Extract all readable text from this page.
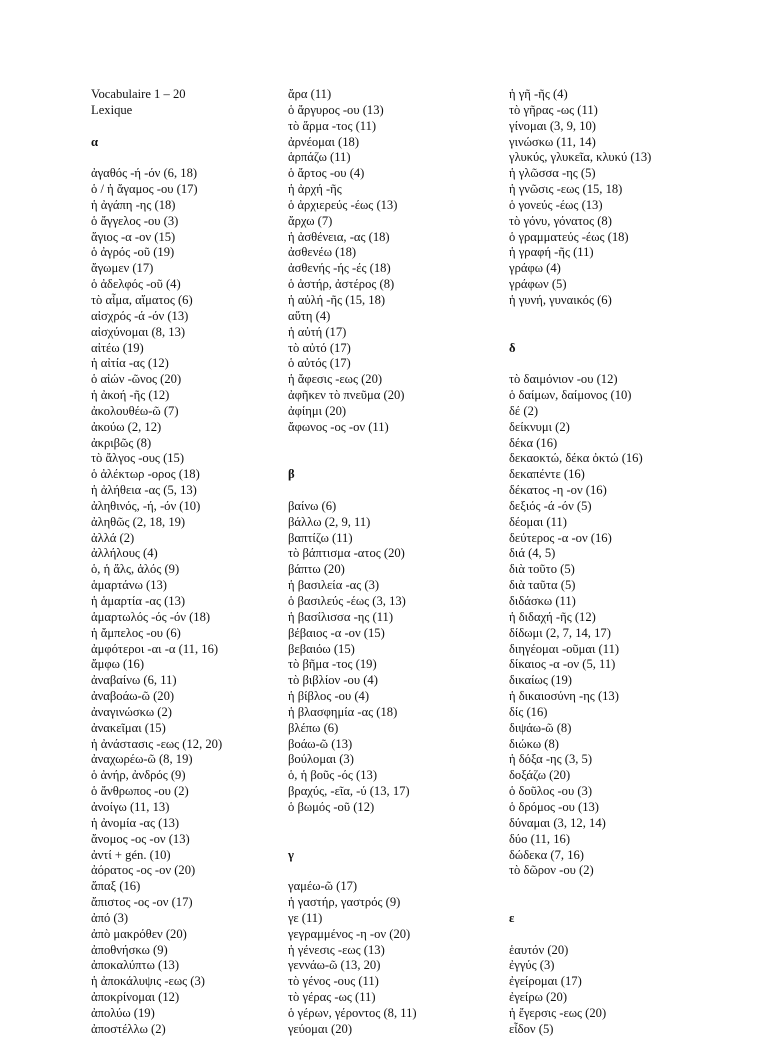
Vocabulaire 1 – 20
Lexique
α
ἀγαθός -ή -όν (6, 18)
ὁ / ἡ ἄγαμος -ου (17)
ἡ ἀγάπη -ης (18)
ὁ ἄγγελος -ου (3)
ἅγιος -α -ον (15)
ὁ ἀγρός -οῦ (19)
ἄγωμεν (17)
ὁ ἀδελφός -οῦ (4)
τὸ αἷμα, αἵματος (6)
αἰσχρός -ά -όν (13)
αἰσχύνομαι (8, 13)
αἰτέω (19)
ἡ αἰτία -ας (12)
ὁ αἰών -ῶνος (20)
ἡ ἀκοή -ῆς (12)
ἀκολουθέω-ῶ (7)
ἀκούω (2, 12)
ἀκριβῶς (8)
τὸ ἄλγος -ους (15)
ὁ ἀλέκτωρ -ορος (18)
ἡ ἀλήθεια -ας (5, 13)
ἀληθινός, -ή, -όν (10)
ἀληθῶς (2, 18, 19)
ἀλλά (2)
ἀλλήλους (4)
ὁ, ἡ ἅλς, ἁλός (9)
ἁμαρτάνω (13)
ἡ ἁμαρτία -ας (13)
ἁμαρτωλός -ός -όν (18)
ἡ ἄμπελος -ου (6)
ἀμφότεροι -αι -α (11, 16)
ἄμφω (16)
ἀναβαίνω (6, 11)
ἀναβοάω-ῶ (20)
ἀναγινώσκω (2)
ἀνακεῖμαι (15)
ἡ ἀνάστασις -εως (12, 20)
ἀναχωρέω-ῶ (8, 19)
ὁ ἀνήρ, ἀνδρός (9)
ὁ ἄνθρωπος -ου (2)
ἀνοίγω (11, 13)
ἡ ἀνομία -ας (13)
ἄνομος -ος -ον (13)
ἀντί + gén. (10)
ἀόρατος -ος -ον (20)
ἅπαξ (16)
ἄπιστος -ος -ον (17)
ἀπό (3)
ἀπὸ μακρόθεν (20)
ἀποθνήσκω (9)
ἀποκαλύπτω (13)
ἡ ἀποκάλυψις -εως (3)
ἀποκρίνομαι (12)
ἀπολύω (19)
ἀποστέλλω (2)
ἄρα (11)
ὁ ἄργυρος -ου (13)
τὸ ἅρμα -τος (11)
ἀρνέομαι (18)
ἁρπάζω (11)
ὁ ἄρτος -ου (4)
ἡ ἀρχή -ῆς
ὁ ἀρχιερεύς -έως (13)
ἄρχω (7)
ἡ ἀσθένεια, -ας (18)
ἀσθενέω (18)
ἀσθενής -ής -ές (18)
ὁ ἀστήρ, ἀστέρος (8)
ἡ αὐλή -ῆς (15, 18)
αὕτη (4)
ἡ αὐτή (17)
τὸ αὐτό (17)
ὁ αὐτός (17)
ἡ ἄφεσις -εως (20)
ἀφῆκεν τὸ πνεῦμα (20)
ἀφίημι (20)
ἄφωνος -ος -ον (11)
β
βαίνω (6)
βάλλω (2, 9, 11)
βαπτίζω (11)
τὸ βάπτισμα -ατος (20)
βάπτω (20)
ἡ βασιλεία -ας (3)
ὁ βασιλεύς -έως (3, 13)
ἡ βασίλισσα -ης (11)
βέβαιος -α -ον (15)
βεβαιόω (15)
τὸ βῆμα -τος (19)
τὸ βιβλίον -ου (4)
ἡ βίβλος -ου (4)
ἡ βλασφημία -ας (18)
βλέπω (6)
βοάω-ῶ (13)
βούλομαι (3)
ὁ, ἡ βοῦς -ός (13)
βραχύς, -εῖα, -ύ (13, 17)
ὁ βωμός -οῦ (12)
γ
γαμέω-ῶ (17)
ἡ γαστήρ, γαστρός (9)
γε (11)
γεγραμμένος -η -ον (20)
ἡ γένεσις -εως (13)
γεννάω-ῶ (13, 20)
τὸ γένος -ους (11)
τὸ γέρας -ως (11)
ὁ γέρων, γέροντος (8, 11)
γεύομαι (20)
ἡ γῆ -ῆς (4)
τὸ γῆρας -ως (11)
γίνομαι (3, 9, 10)
γινώσκω (11, 14)
γλυκύς, γλυκεῖα, κλυκύ (13)
ἡ γλῶσσα -ης (5)
ἡ γνῶσις -εως (15, 18)
ὁ γονεύς -έως (13)
τὸ γόνυ, γόνατος (8)
ὁ γραμματεύς -έως (18)
ἡ γραφή -ῆς (11)
γράφω (4)
γράφων (5)
ἡ γυνή, γυναικός (6)
δ
τὸ δαιμόνιον -ου (12)
ὁ δαίμων, δαίμονος (10)
δέ (2)
δείκνυμι (2)
δέκα (16)
δεκαοκτώ, δέκα ὀκτώ (16)
δεκαπέντε (16)
δέκατος -η -ον (16)
δεξιός -ά -όν (5)
δέομαι (11)
δεύτερος -α -ον (16)
διά (4, 5)
διὰ τοῦτο (5)
διὰ ταῦτα (5)
διδάσκω (11)
ἡ διδαχή -ῆς (12)
δίδωμι (2, 7, 14, 17)
διηγέομαι -οῦμαι (11)
δίκαιος -α -ον (5, 11)
δικαίως (19)
ἡ δικαιοσύνη -ης (13)
δίς (16)
διψάω-ῶ (8)
διώκω (8)
ἡ δόξα -ης (3, 5)
δοξάζω (20)
ὁ δοῦλος -ου (3)
ὁ δρόμος -ου (13)
δύναμαι (3, 12, 14)
δύο (11, 16)
δώδεκα (7, 16)
τὸ δῶρον -ου (2)
ε
ἑαυτόν (20)
ἐγγύς (3)
ἐγείρομαι (17)
ἐγείρω (20)
ἡ ἔγερσις -εως (20)
εἶδον (5)
